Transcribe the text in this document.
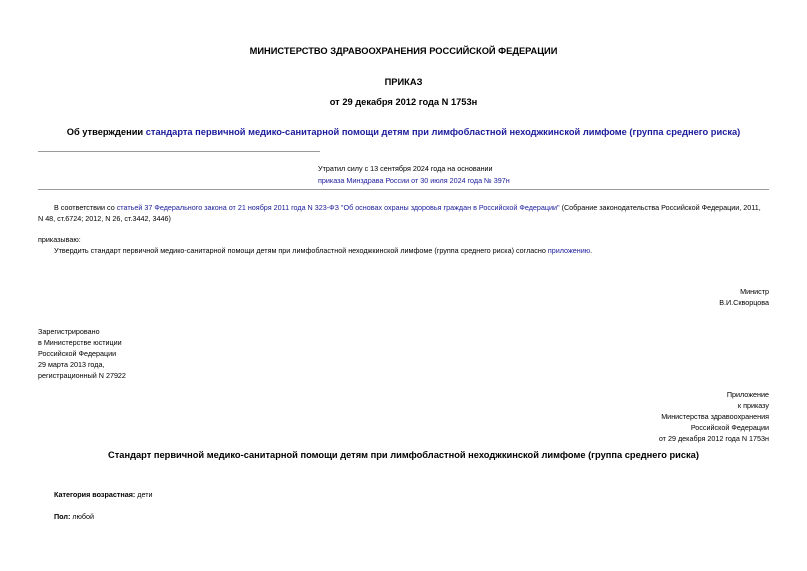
МИНИСТЕРСТВО ЗДРАВООХРАНЕНИЯ РОССИЙСКОЙ ФЕДЕРАЦИИ
ПРИКАЗ
от 29 декабря 2012 года N 1753н
Об утверждении стандарта первичной медико-санитарной помощи детям при лимфобластной неходжкинской лимфоме (группа среднего риска)
Утратил силу с 13 сентября 2024 года на основании
приказа Минздрава России от 30 июля 2024 года № 397н
В соответствии со статьей 37 Федерального закона от 21 ноября 2011 года N 323-ФЗ "Об основах охраны здоровья граждан в Российской Федерации" (Собрание законодательства Российской Федерации, 2011,
N 48, ст.6724; 2012, N 26, ст.3442, 3446)
приказываю:
Утвердить стандарт первичной медико-санитарной помощи детям при лимфобластной неходжкинской лимфоме (группа среднего риска) согласно приложению.
Министр
В.И.Скворцова
Зарегистрировано
в Министерстве юстиции
Российской Федерации
29 марта 2013 года,
регистрационный N 27922
Приложение
к приказу
Министерства здравоохранения
Российской Федерации
от 29 декабря 2012 года N 1753н
Стандарт первичной медико-санитарной помощи детям при лимфобластной неходжкинской лимфоме (группа среднего риска)
Категория возрастная: дети
Пол: любой
